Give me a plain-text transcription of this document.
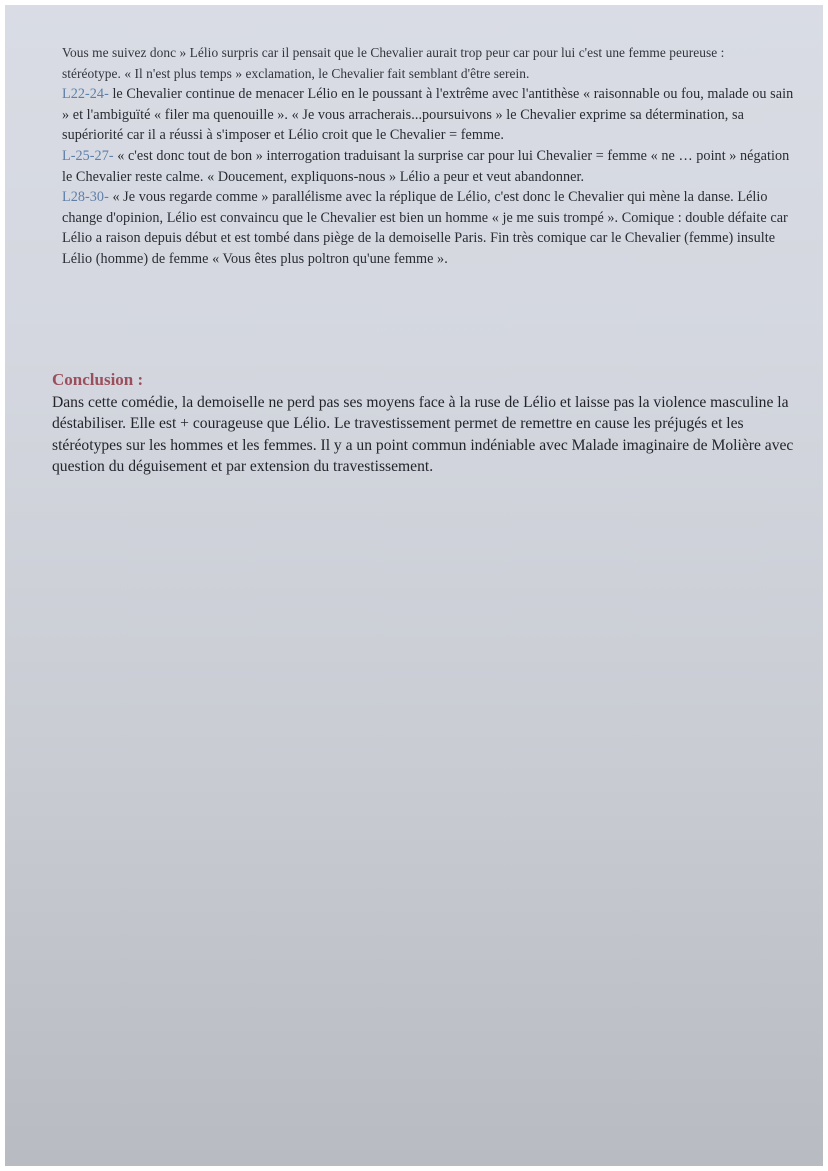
Vous me suivez donc » Lélio surpris car il pensait que le Chevalier aurait trop peur car pour lui c'est une femme peureuse : stéréotype. « Il n'est plus temps » exclamation, le Chevalier fait semblant d'être serein.

L22-24- le Chevalier continue de menacer Lélio en le poussant à l'extrême avec l'antithèse « raisonnable ou fou, malade ou sain » et l'ambiguïté « filer ma quenouille ». « Je vous arracherais...poursuivons » le Chevalier exprime sa détermination, sa supériorité car il a réussi à s'imposer et Lélio croit que le Chevalier = femme.

L-25-27- « c'est donc tout de bon » interrogation traduisant la surprise car pour lui Chevalier = femme « ne … point » négation le Chevalier reste calme. « Doucement, expliquons-nous » Lélio a peur et veut abandonner.

L28-30- « Je vous regarde comme » parallélisme avec la réplique de Lélio, c'est donc le Chevalier qui mène la danse. Lélio change d'opinion, Lélio est convaincu que le Chevalier est bien un homme « je me suis trompé ». Comique : double défaite car Lélio a raison depuis début et est tombé dans piège de la demoiselle Paris. Fin très comique car le Chevalier (femme) insulte Lélio (homme) de femme « Vous êtes plus poltron qu'une femme ».

Conclusion :

Dans cette comédie, la demoiselle ne perd pas ses moyens face à la ruse de Lélio et laisse pas la violence masculine la déstabiliser. Elle est + courageuse que Lélio. Le travestissement permet de remettre en cause les préjugés et les stéréotypes sur les hommes et les femmes. Il y a un point commun indéniable avec Malade imaginaire de Molière avec question du déguisement et par extension du travestissement.
